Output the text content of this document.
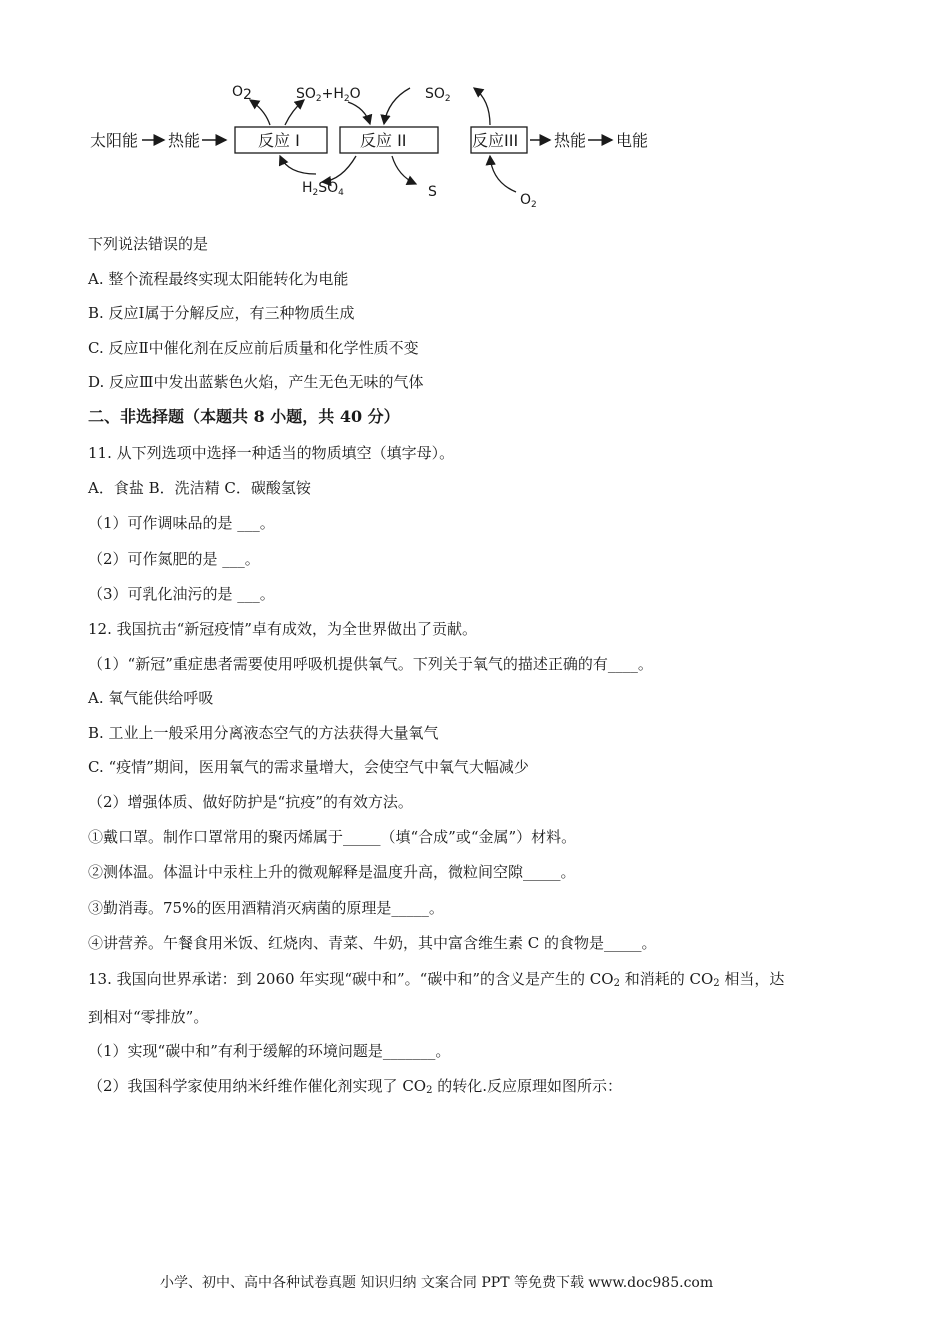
太阳能 热能	反应 I	反应 II	反应III 热能 电能
O2	$SO_2+H_2O$	$SO_2$
$H_2SO_4$	S	$O_2$
下列说法错误的是
A. 整个流程最终实现太阳能转化为电能
B. 反应Ⅰ属于分解反应，有三种物质生成
C. 反应Ⅱ中催化剂在反应前后质量和化学性质不变
D. 反应Ⅲ中发出蓝紫色火焰，产生无色无味的气体
二、非选择题（本题共 8 小题，共 40 分）
11. 从下列选项中选择一种适当的物质填空（填字母）。
A．食盐 B．洗洁精 C．碳酸氢铵
（1）可作调味品的是 ___。
（2）可作氮肥的是 ___。
（3）可乳化油污的是 ___。
12. 我国抗击“新冠疫情”卓有成效，为全世界做出了贡献。
（1）“新冠”重症患者需要使用呼吸机提供氧气。下列关于氧气的描述正确的有____。
A. 氧气能供给呼吸
B. 工业上一般采用分离液态空气的方法获得大量氧气
C. “疫情”期间，医用氧气的需求量增大，会使空气中氧气大幅减少
（2）增强体质、做好防护是“抗疫”的有效方法。
①戴口罩。制作口罩常用的聚丙烯属于_____（填“合成”或“金属”）材料。
②测体温。体温计中汞柱上升的微观解释是温度升高，微粒间空隙_____。
③勤消毒。75%的医用酒精消灭病菌的原理是_____。
④讲营养。午餐食用米饭、红烧肉、青菜、牛奶，其中富含维生素 C 的食物是_____。
13. 我国向世界承诺：到 2060 年实现“碳中和”。“碳中和”的含义是产生的 $CO_2$ 和消耗的 $CO_2$ 相当，达
到相对“零排放”。
（1）实现“碳中和”有利于缓解的环境问题是_______。
（2）我国科学家使用纳米纤维作催化剂实现了 $CO_2$ 的转化.反应原理如图所示：
小学、初中、高中各种试卷真题 知识归纳 文案合同 PPT 等免费下载 www.doc985.com
